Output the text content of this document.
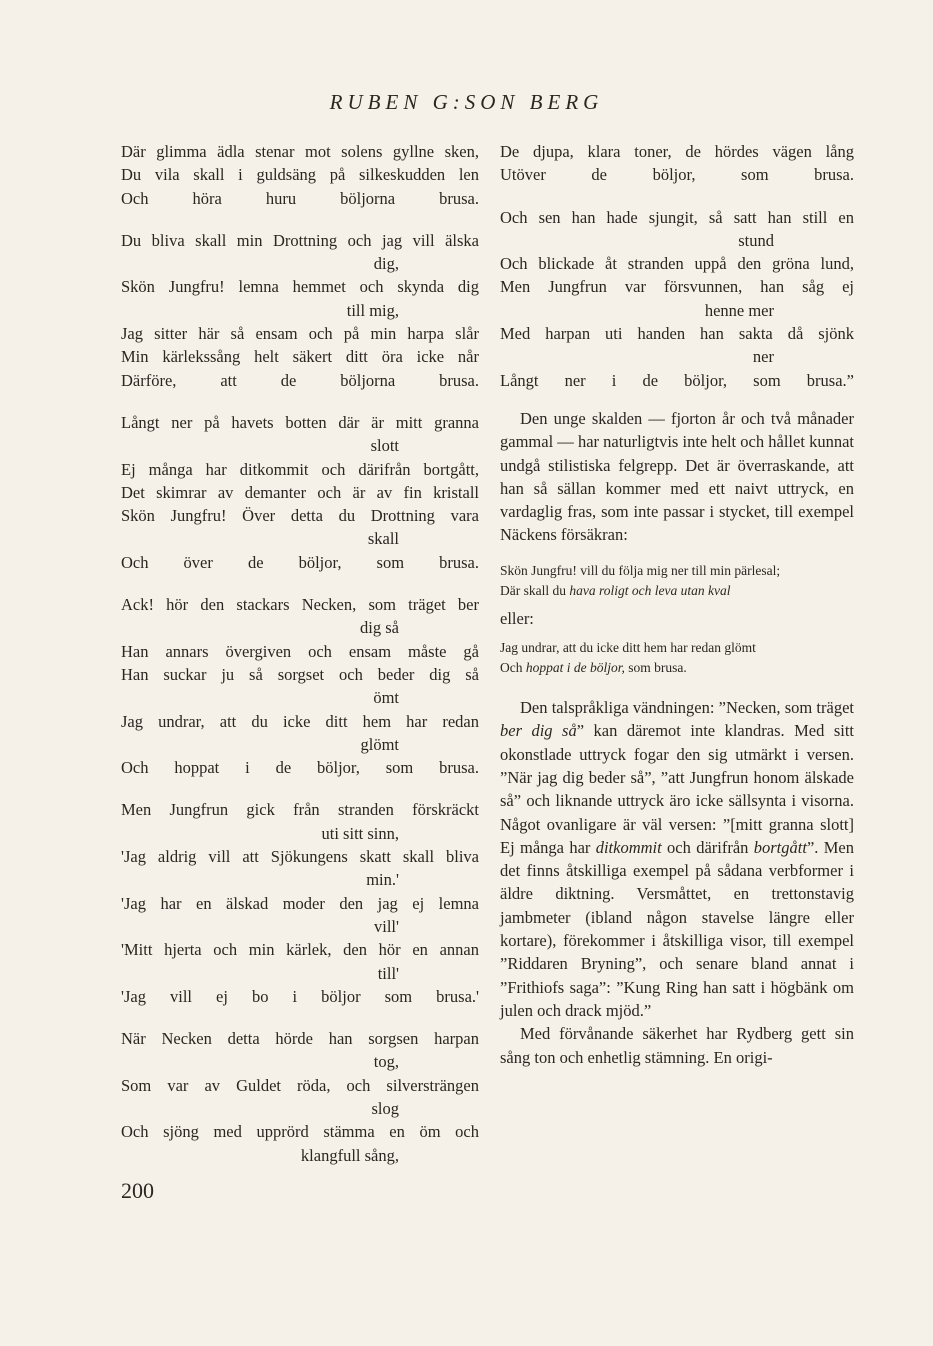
RUBEN G:SON BERG
Där glimma ädla stenar mot solens gyllne sken,
Du vila skall i guldsäng på silkeskudden len
Och höra huru böljorna brusa.
Du bliva skall min Drottning och jag vill älska
dig,
Skön Jungfru! lemna hemmet och skynda dig
till mig,
Jag sitter här så ensam och på min harpa slår
Min kärlekssång helt säkert ditt öra icke når
Därföre, att de böljorna brusa.
Långt ner på havets botten där är mitt granna
slott
Ej många har ditkommit och därifrån bortgått,
Det skimrar av demanter och är av fin kristall
Skön Jungfru! Över detta du Drottning vara
skall
Och över de böljor, som brusa.
Ack! hör den stackars Necken, som träget ber
dig så
Han annars övergiven och ensam måste gå
Han suckar ju så sorgset och beder dig så
ömt
Jag undrar, att du icke ditt hem har redan
glömt
Och hoppat i de böljor, som brusa.
Men Jungfrun gick från stranden förskräckt
uti sitt sinn,
'Jag aldrig vill att Sjökungens skatt skall bliva
min.'
'Jag har en älskad moder den jag ej lemna
vill'
'Mitt hjerta och min kärlek, den hör en annan
till'
'Jag vill ej bo i böljor som brusa.'
När Necken detta hörde han sorgsen harpan
tog,
Som var av Guldet röda, och silversträngen
slog
Och sjöng med upprörd stämma en öm och
klangfull sång,
De djupa, klara toner, de hördes vägen lång
Utöver de böljor, som brusa.
Och sen han hade sjungit, så satt han still en
stund
Och blickade åt stranden uppå den gröna lund,
Men Jungfrun var försvunnen, han såg ej
henne mer
Med harpan uti handen han sakta då sjönk
ner
Långt ner i de böljor, som brusa.”

Den unge skalden — fjorton år och två månader gammal — har naturligtvis inte helt och hållet kunnat undgå stilistiska felgrepp. Det är överraskande, att han så sällan kommer med ett naivt uttryck, en vardaglig fras, som inte passar i stycket, till exempel Näckens försäkran:

Skön Jungfru! vill du följa mig ner till min pärlesal;
Där skall du hava roligt och leva utan kval
eller:
Jag undrar, att du icke ditt hem har redan glömt
Och hoppat i de böljor, som brusa.

Den talspråkliga vändningen: ”Necken, som träget ber dig så” kan däremot inte klandras. Med sitt okonstlade uttryck fogar den sig utmärkt i versen. ”När jag dig beder så”, ”att Jungfrun honom älskade så” och liknande uttryck äro icke sällsynta i visorna. Något ovanligare är väl versen: ”[mitt granna slott] Ej många har ditkommit och därifrån bortgått”. Men det finns åtskilliga exempel på sådana verbformer i äldre diktning. Versmåttet, en trettonstavig jambmeter (ibland någon stavelse längre eller kortare), förekommer i åtskilliga visor, till exempel ”Riddaren Bryning”, och senare bland annat i ”Frithiofs saga”: ”Kung Ring han satt i högbänk om julen och drack mjöd.”

Med förvånande säkerhet har Rydberg gett sin sång ton och enhetlig stämning. En origi-

200
